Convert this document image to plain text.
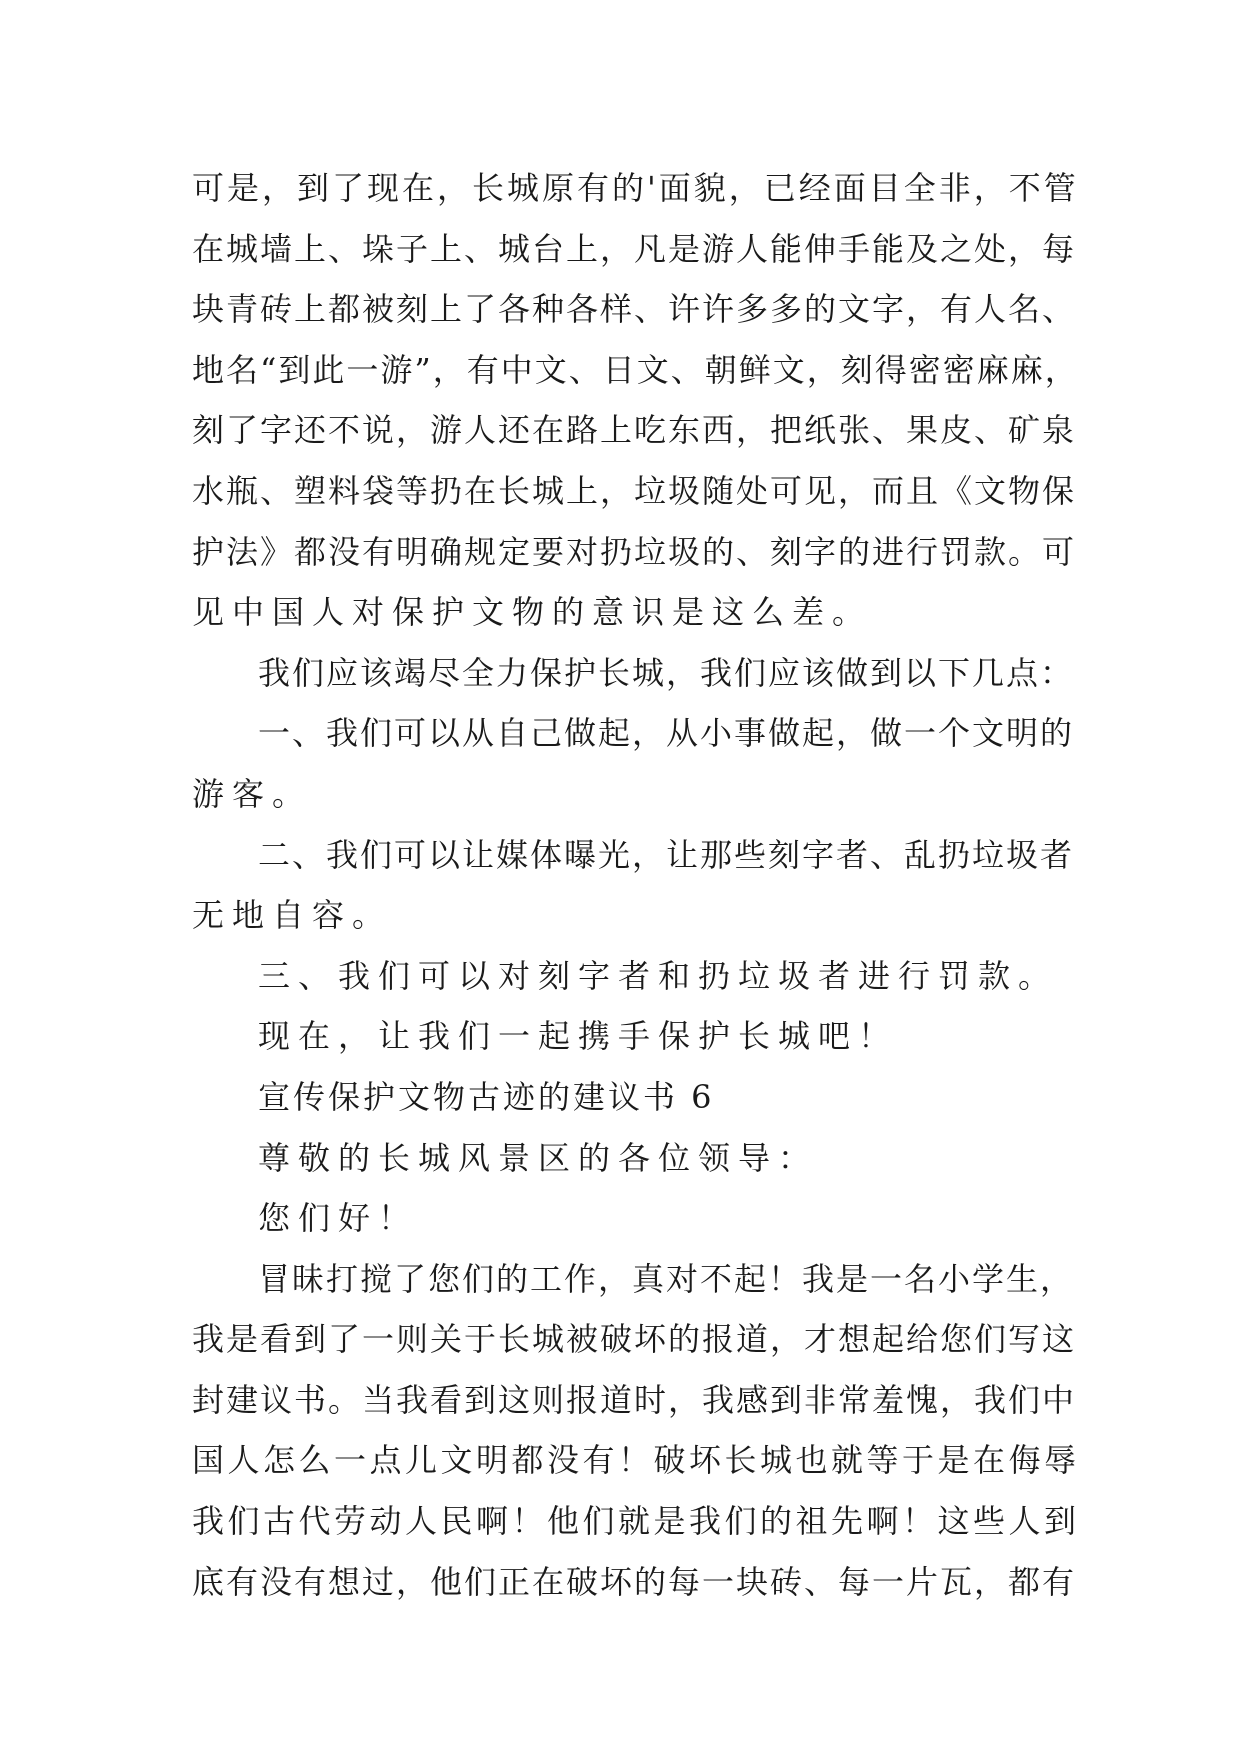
可是，到了现在，长城原有的'面貌，已经面目全非，不管
在城墙上、垛子上、城台上，凡是游人能伸手能及之处，每
块青砖上都被刻上了各种各样、许许多多的文字，有人名、
地名“到此一游”，有中文、日文、朝鲜文，刻得密密麻麻，
刻了字还不说，游人还在路上吃东西，把纸张、果皮、矿泉
水瓶、塑料袋等扔在长城上，垃圾随处可见，而且《文物保
护法》都没有明确规定要对扔垃圾的、刻字的进行罚款。可
见中国人对保护文物的意识是这么差。
我们应该竭尽全力保护长城，我们应该做到以下几点：
一、我们可以从自己做起，从小事做起，做一个文明的
游客。
二、我们可以让媒体曝光，让那些刻字者、乱扔垃圾者
无地自容。
三、我们可以对刻字者和扔垃圾者进行罚款。
现在，让我们一起携手保护长城吧！
宣传保护文物古迹的建议书 6
尊敬的长城风景区的各位领导：
您们好！
冒昧打搅了您们的工作，真对不起！我是一名小学生，
我是看到了一则关于长城被破坏的报道，才想起给您们写这
封建议书。当我看到这则报道时，我感到非常羞愧，我们中
国人怎么一点儿文明都没有！破坏长城也就等于是在侮辱
我们古代劳动人民啊！他们就是我们的祖先啊！这些人到
底有没有想过，他们正在破坏的每一块砖、每一片瓦，都有
